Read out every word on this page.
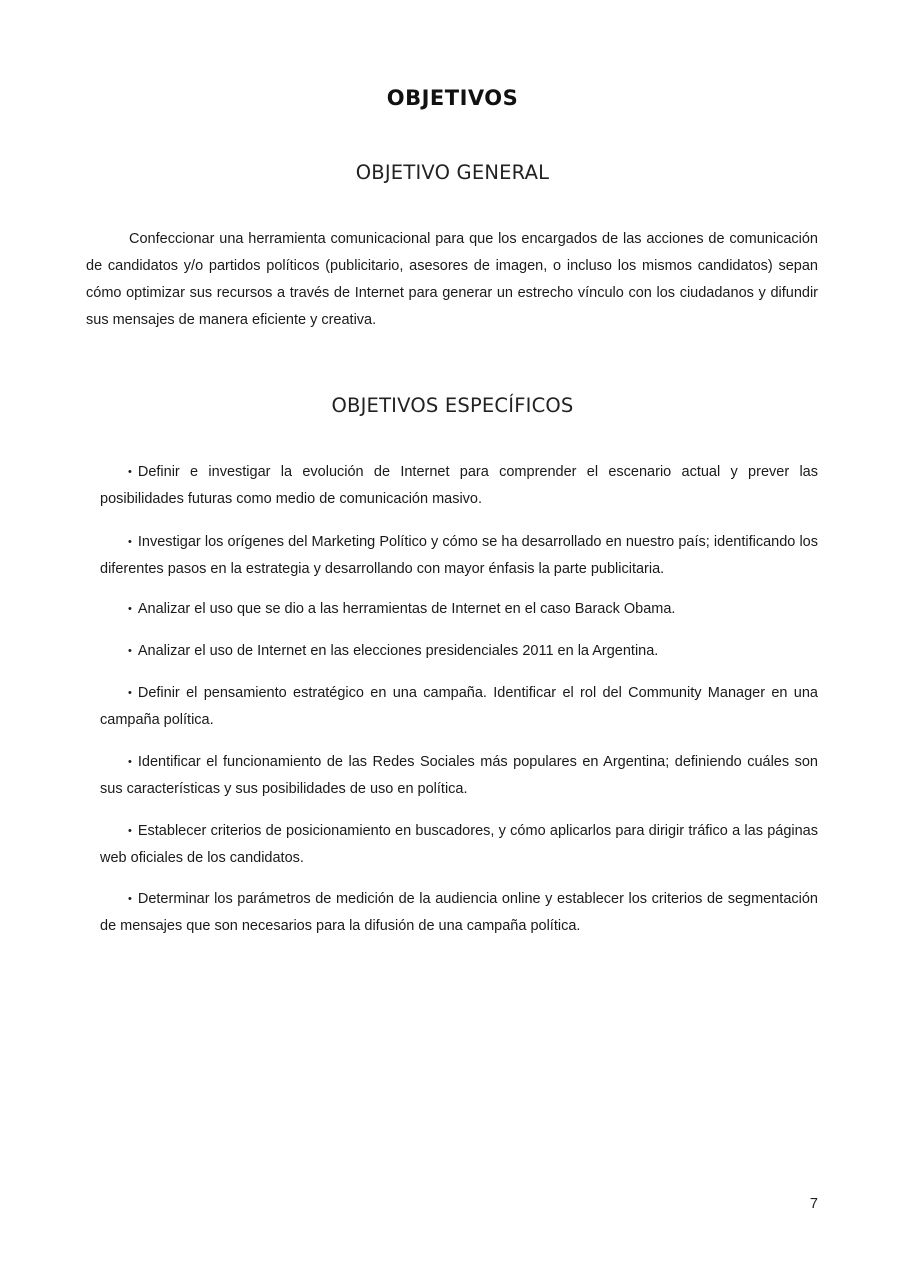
OBJETIVOS
OBJETIVO GENERAL

Confeccionar una herramienta comunicacional para que los encargados de las acciones de comunicación de candidatos y/o partidos políticos (publicitario, asesores de imagen, o incluso los mismos candidatos) sepan cómo optimizar sus recursos a través de Internet para generar un estrecho vínculo con los ciudadanos y difundir sus mensajes de manera eficiente y creativa.

OBJETIVOS ESPECÍFICOS
• Definir e investigar la evolución de Internet para comprender el escenario actual y prever las posibilidades futuras como medio de comunicación masivo.
• Investigar los orígenes del Marketing Político y cómo se ha desarrollado en nuestro país; identificando los diferentes pasos en la estrategia y desarrollando con mayor énfasis la parte publicitaria.
• Analizar el uso que se dio a las herramientas de Internet en el caso Barack Obama.
• Analizar el uso de Internet en las elecciones presidenciales 2011 en la Argentina.
• Definir el pensamiento estratégico en una campaña. Identificar el rol del Community Manager en una campaña política.
• Identificar el funcionamiento de las Redes Sociales más populares en Argentina; definiendo cuáles son sus características y sus posibilidades de uso en política.
• Establecer criterios de posicionamiento en buscadores, y cómo aplicarlos para dirigir tráfico a las páginas web oficiales de los candidatos.
• Determinar los parámetros de medición de la audiencia online y establecer los criterios de segmentación de mensajes que son necesarios para la difusión de una campaña política.
7
